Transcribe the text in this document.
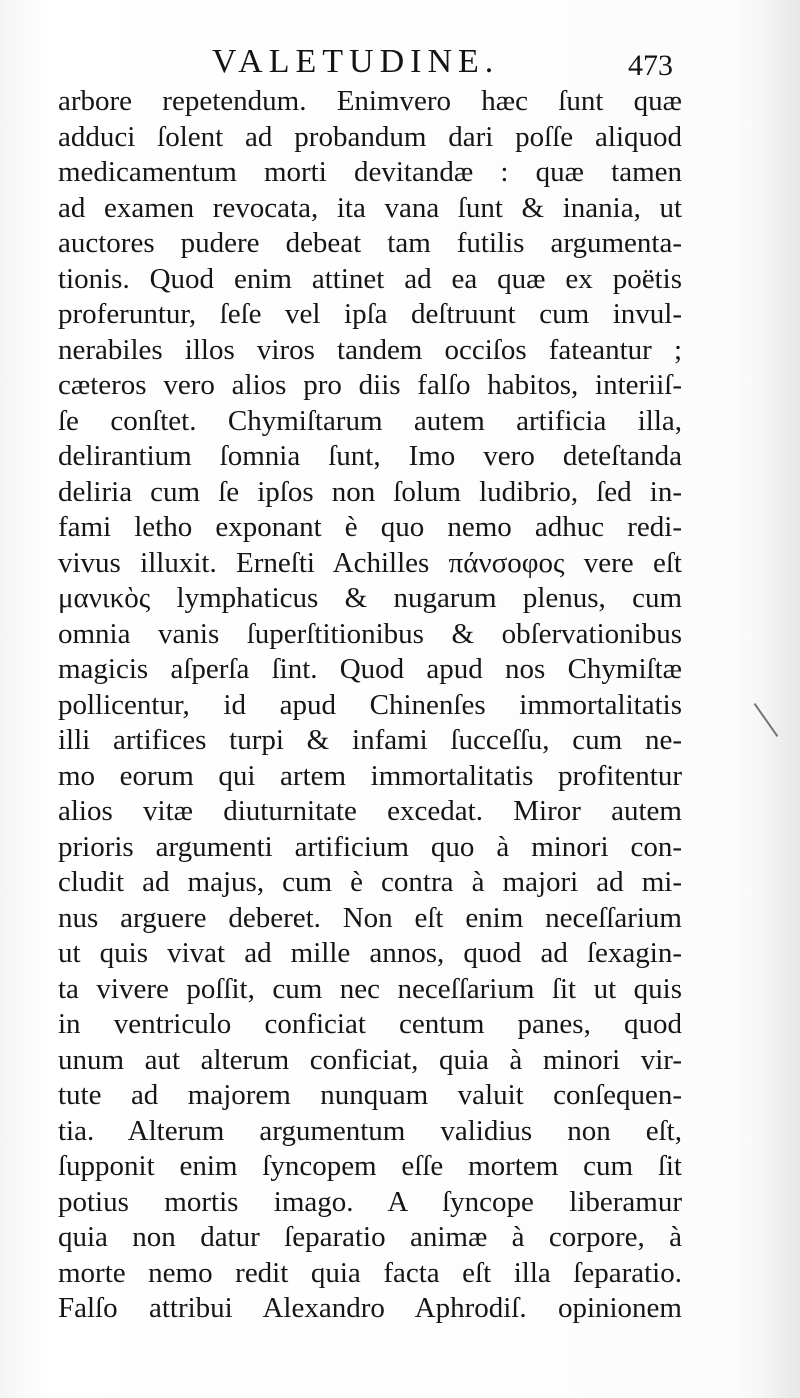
VALETUDINE.	473
arbore repetendum. Enimvero hæc ſunt quæ
adduci ſolent ad probandum dari poſſe aliquod
medicamentum morti devitandæ : quæ tamen
ad examen revocata, ita vana ſunt & inania, ut
auctores pudere debeat tam futilis argumenta-
tionis. Quod enim attinet ad ea quæ ex poëtis
proferuntur, ſeſe vel ipſa deſtruunt cum invul-
nerabiles illos viros tandem occiſos fateantur ;
cæteros vero alios pro diis falſo habitos, interiiſ-
ſe conſtet. Chymiſtarum autem artificia illa,
delirantium ſomnia ſunt, Imo vero deteſtanda
deliria cum ſe ipſos non ſolum ludibrio, ſed in-
fami letho exponant è quo nemo adhuc redi-
vivus illuxit. Erneſti Achilles πάνσοφος vere eſt
μανικὸς lymphaticus & nugarum plenus, cum
omnia vanis ſuperſtitionibus & obſervationibus
magicis aſperſa ſint. Quod apud nos Chymiſtæ
pollicentur, id apud Chinenſes immortalitatis
illi artifices turpi & infami ſucceſſu, cum ne-
mo eorum qui artem immortalitatis profitentur
alios vitæ diuturnitate excedat. Miror autem
prioris argumenti artificium quo à minori con-
cludit ad majus, cum è contra à majori ad mi-
nus arguere deberet. Non eſt enim neceſſarium
ut quis vivat ad mille annos, quod ad ſexagin-
ta vivere poſſit, cum nec neceſſarium ſit ut quis
in ventriculo conficiat centum panes, quod
unum aut alterum conficiat, quia à minori vir-
tute ad majorem nunquam valuit conſequen-
tia. Alterum argumentum validius non eſt,
ſupponit enim ſyncopem eſſe mortem cum ſit
potius mortis imago. A ſyncope liberamur
quia non datur ſeparatio animæ à corpore, à
morte nemo redit quia facta eſt illa ſeparatio.
Falſo attribui Alexandro Aphrodiſ. opinionem
